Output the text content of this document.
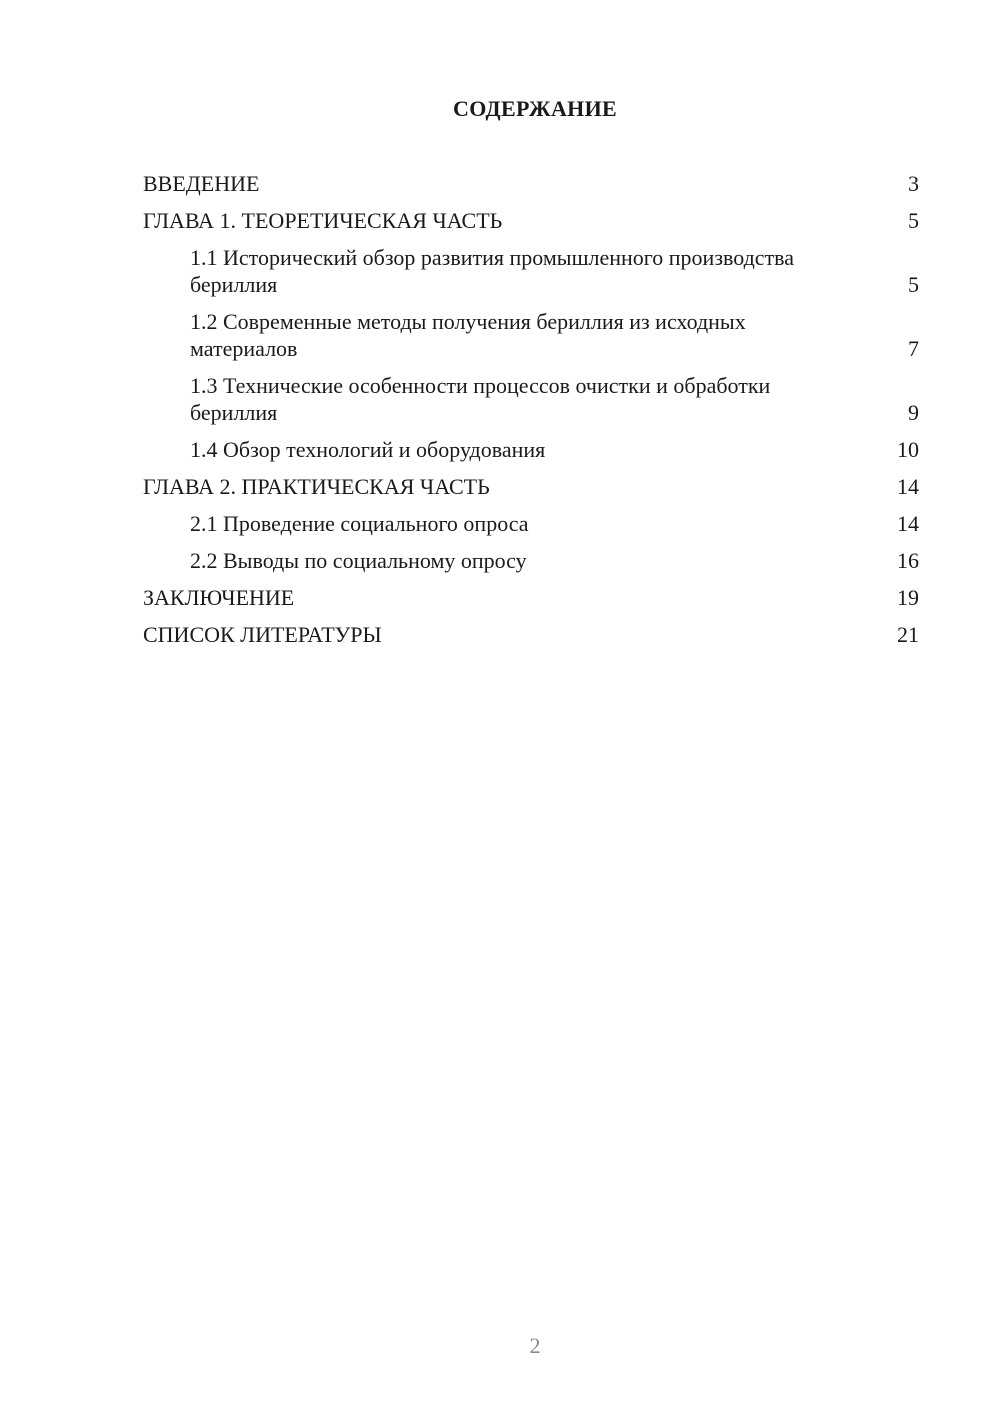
СОДЕРЖАНИЕ
ВВЕДЕНИЕ	3
ГЛАВА 1. ТЕОРЕТИЧЕСКАЯ ЧАСТЬ	5
1.1 Исторический обзор развития промышленного производства бериллия	5
1.2 Современные методы получения бериллия из исходных материалов	7
1.3 Технические особенности процессов очистки и обработки бериллия	9
1.4 Обзор технологий и оборудования	10
ГЛАВА 2. ПРАКТИЧЕСКАЯ ЧАСТЬ	14
2.1 Проведение социального опроса	14
2.2 Выводы по социальному опросу	16
ЗАКЛЮЧЕНИЕ	19
СПИСОК ЛИТЕРАТУРЫ	21
2
